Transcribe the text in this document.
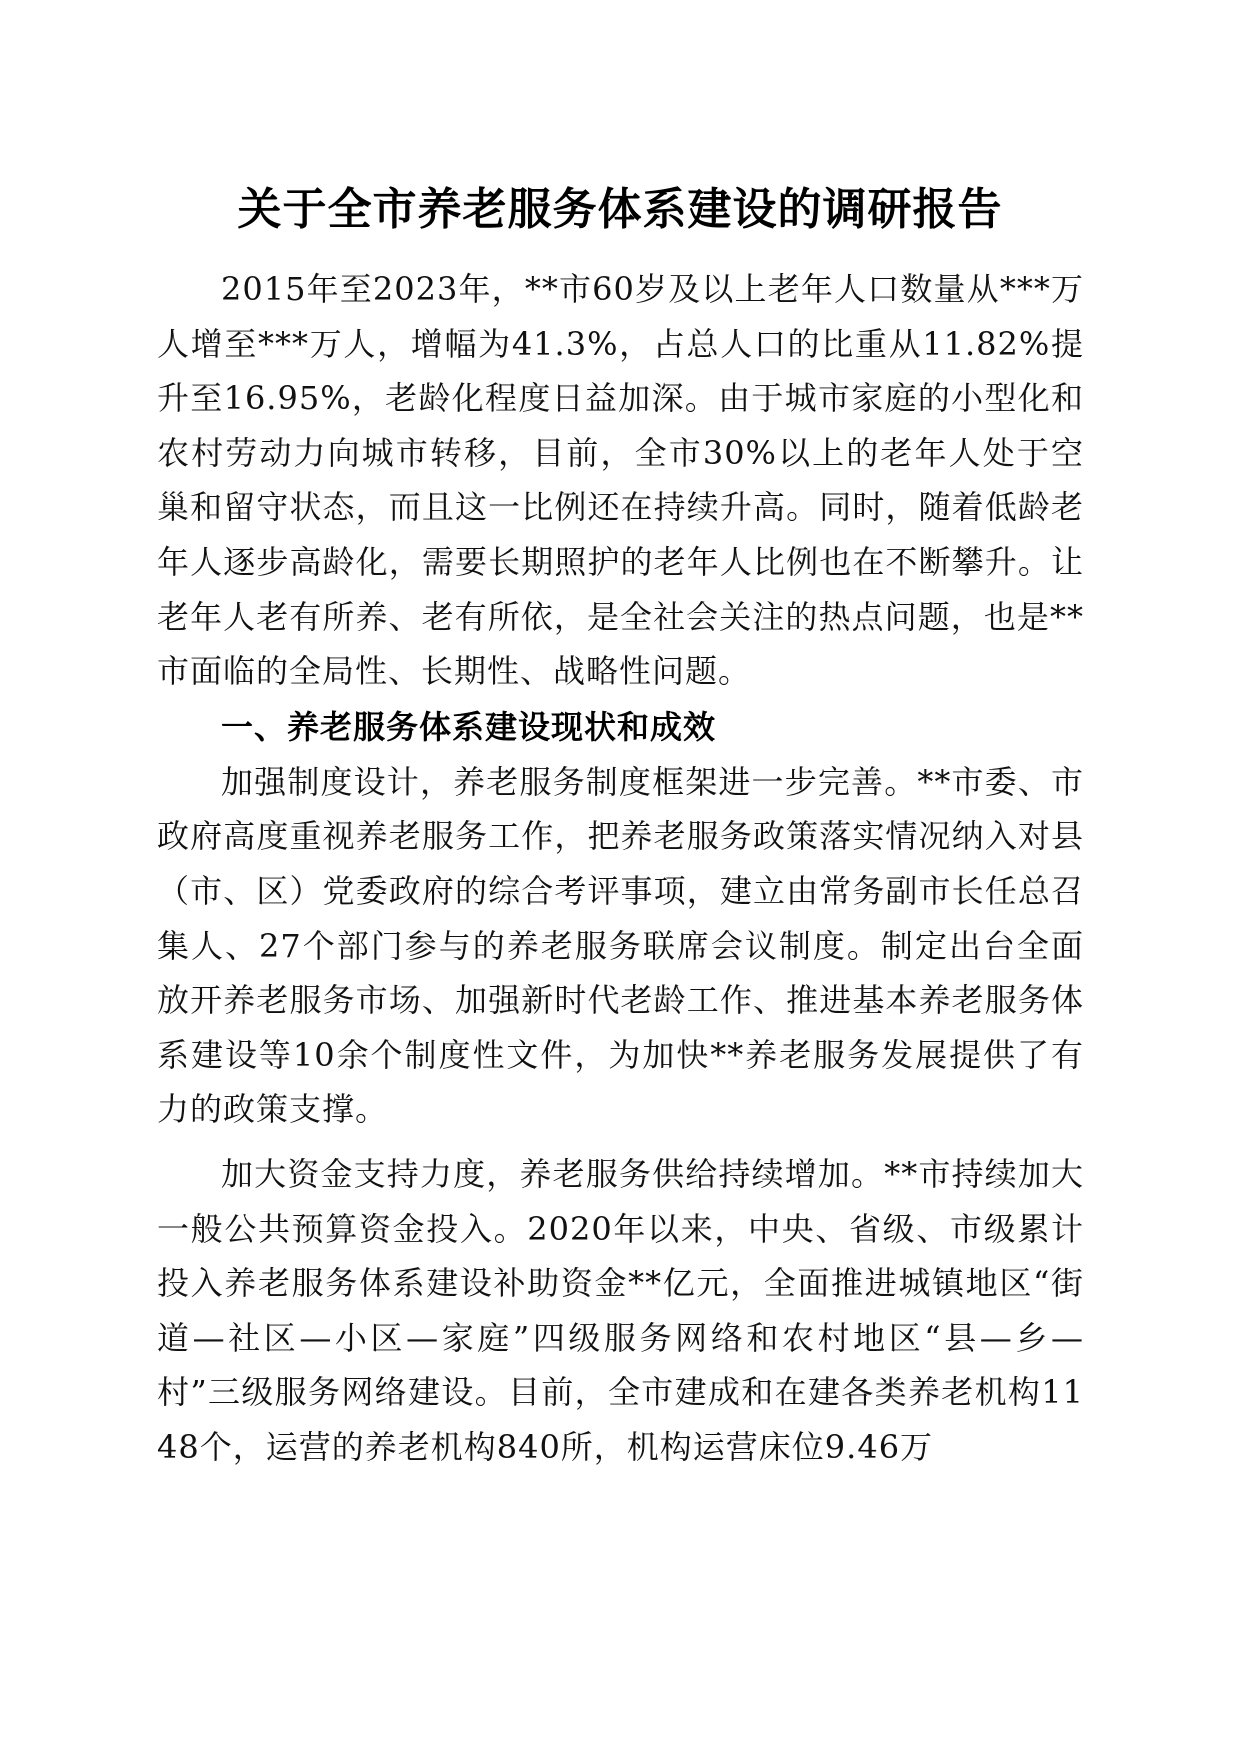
关于全市养老服务体系建设的调研报告

2015年至2023年，**市60岁及以上老年人口数量从***万人增至***万人，增幅为41.3%，占总人口的比重从11.82%提升至16.95%，老龄化程度日益加深。由于城市家庭的小型化和农村劳动力向城市转移，目前，全市30%以上的老年人处于空巢和留守状态，而且这一比例还在持续升高。同时，随着低龄老年人逐步高龄化，需要长期照护的老年人比例也在不断攀升。让老年人老有所养、老有所依，是全社会关注的热点问题，也是**市面临的全局性、长期性、战略性问题。

一、养老服务体系建设现状和成效

加强制度设计，养老服务制度框架进一步完善。**市委、市政府高度重视养老服务工作，把养老服务政策落实情况纳入对县（市、区）党委政府的综合考评事项，建立由常务副市长任总召集人、27个部门参与的养老服务联席会议制度。制定出台全面放开养老服务市场、加强新时代老龄工作、推进基本养老服务体系建设等10余个制度性文件，为加快**养老服务发展提供了有力的政策支撑。

加大资金支持力度，养老服务供给持续增加。**市持续加大一般公共预算资金投入。2020年以来，中央、省级、市级累计投入养老服务体系建设补助资金**亿元，全面推进城镇地区“街道—社区—小区—家庭”四级服务网络和农村地区“县—乡—村”三级服务网络建设。目前，全市建成和在建各类养老机构1148个，运营的养老机构840所，机构运营床位9.46万
